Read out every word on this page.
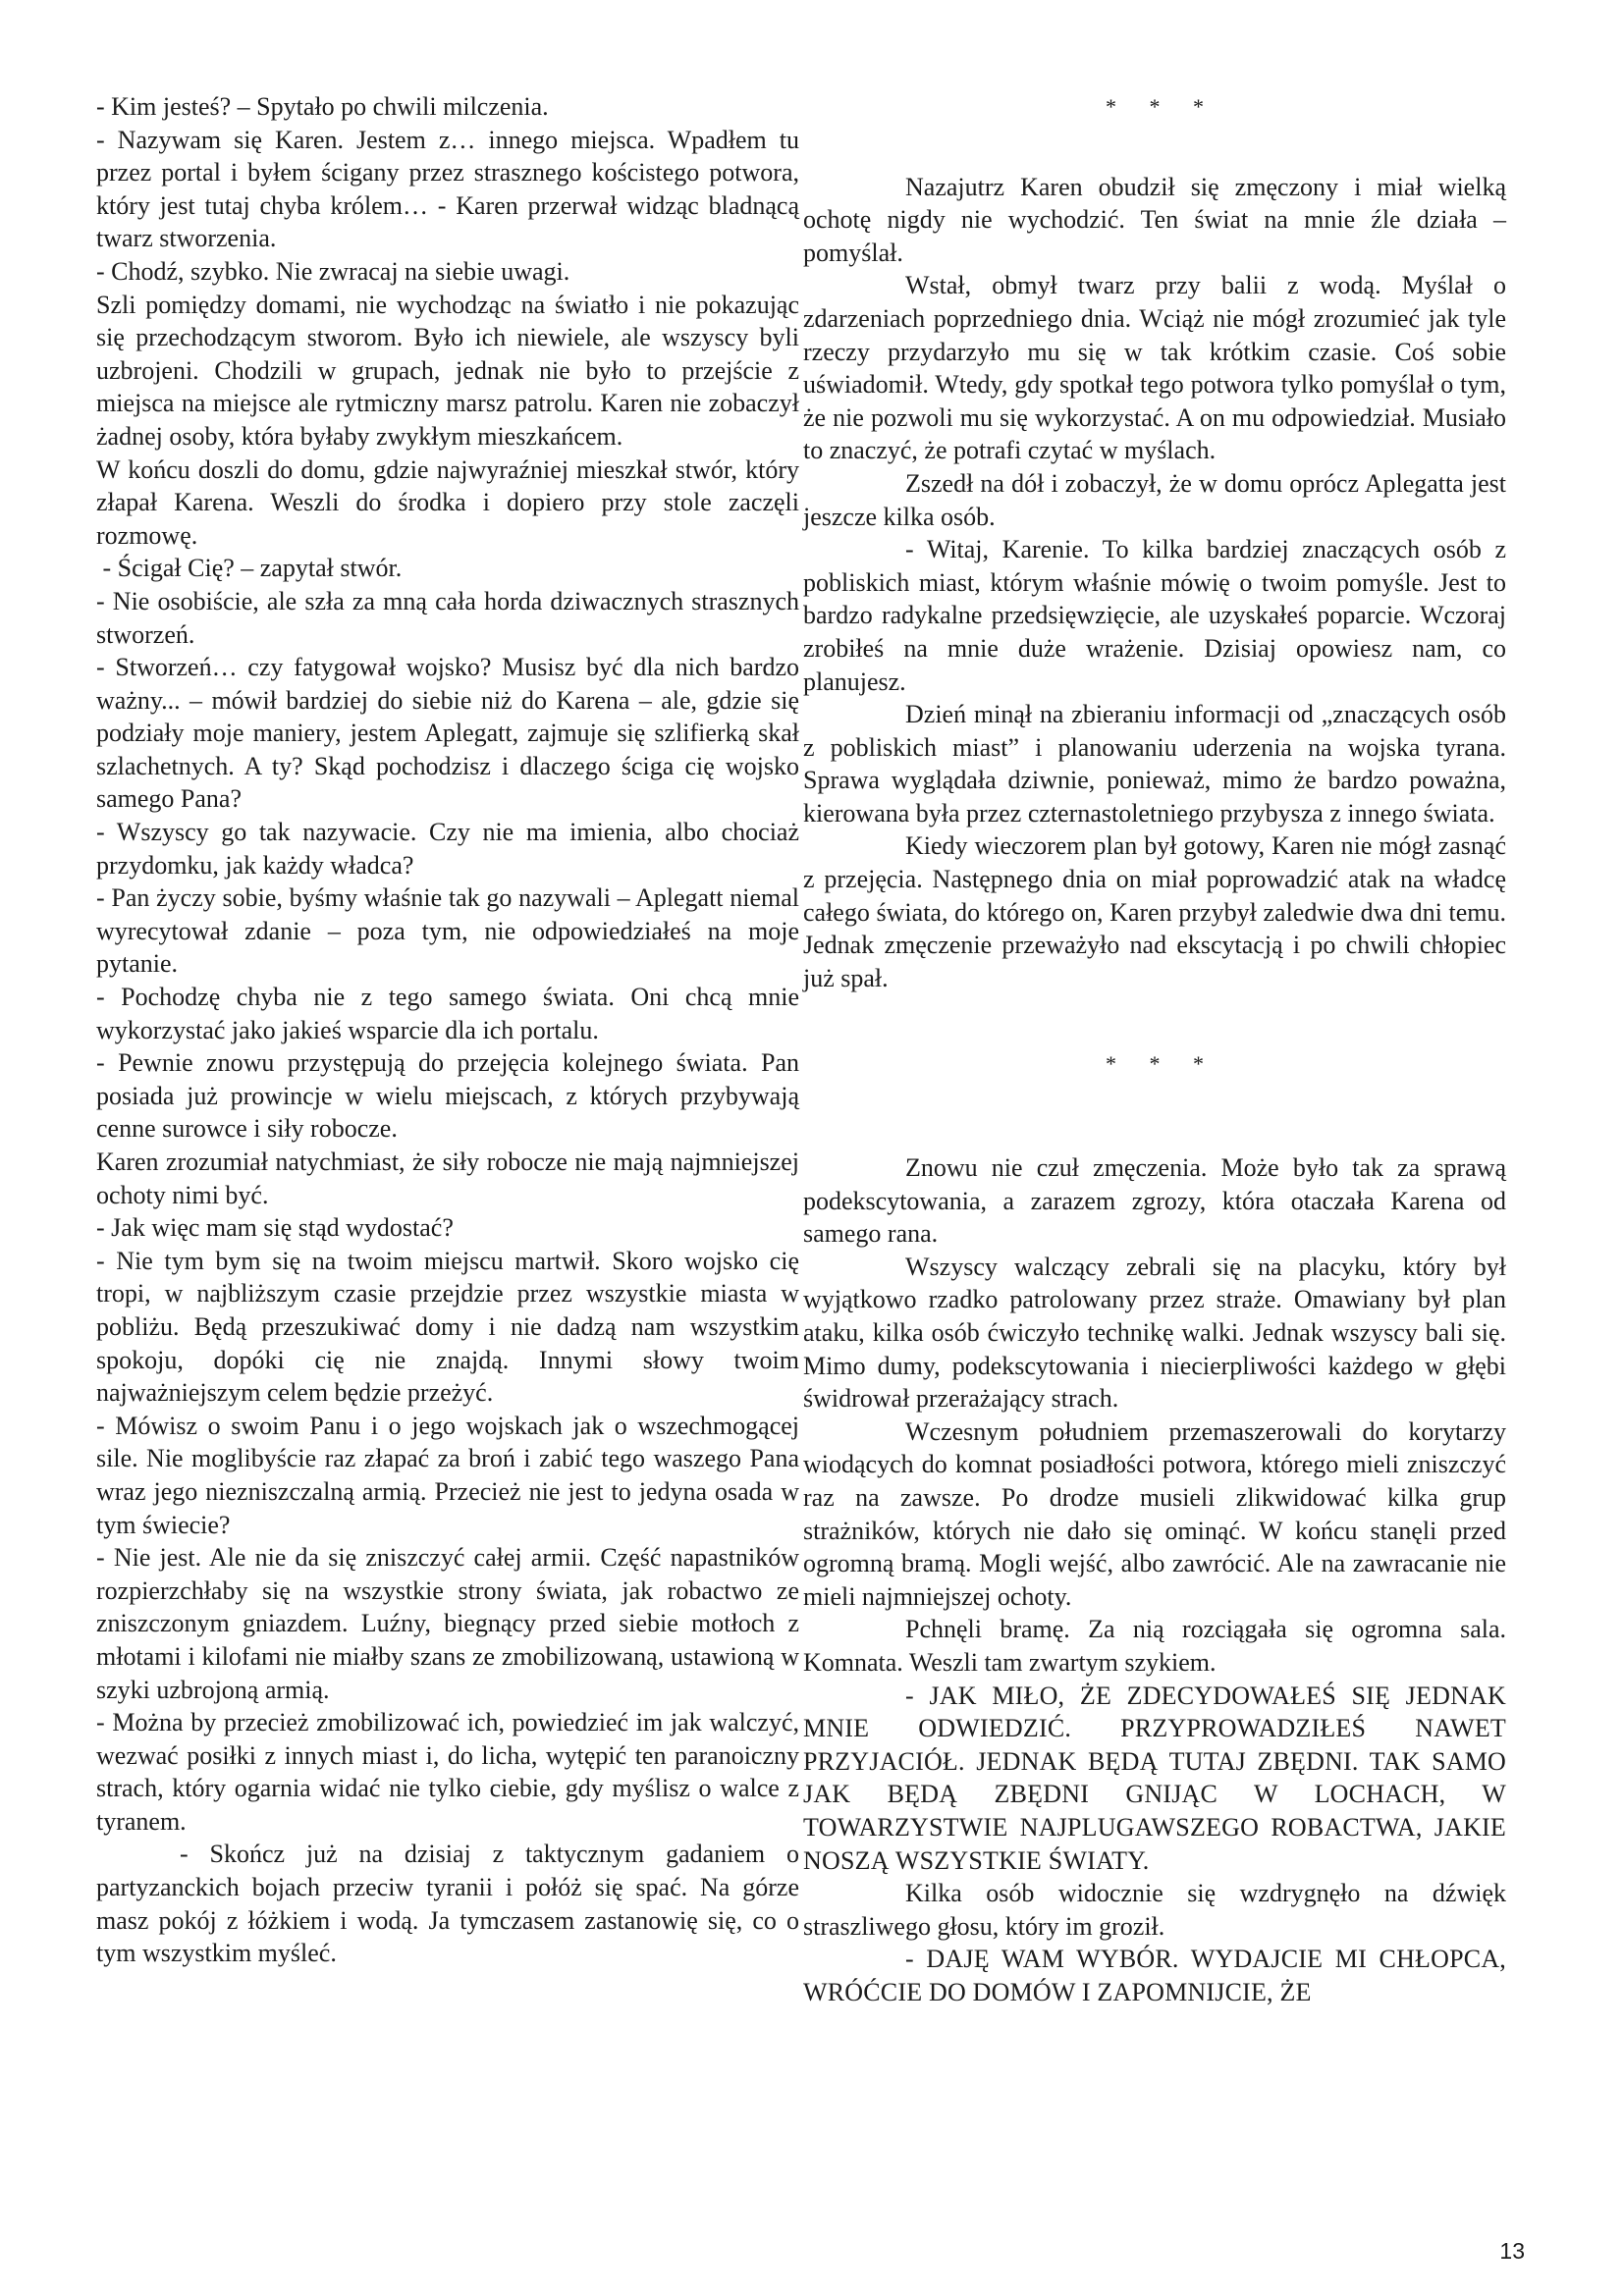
- Kim jesteś? – Spytało po chwili milczenia.

- Nazywam się Karen. Jestem z… innego miejsca. Wpadłem tu przez portal i byłem ścigany przez strasznego kościstego potwora, który jest tutaj chyba królem… - Karen przerwał widząc bladnącą twarz stworzenia.

- Chodź, szybko. Nie zwracaj na siebie uwagi.

Szli pomiędzy domami, nie wychodząc na światło i nie pokazując się przechodzącym stworom. Było ich niewiele, ale wszyscy byli uzbrojeni. Chodzili w grupach, jednak nie było to przejście z miejsca na miejsce ale rytmiczny marsz patrolu. Karen nie zobaczył żadnej osoby, która byłaby zwykłym mieszkańcem.

W końcu doszli do domu, gdzie najwyraźniej mieszkał stwór, który złapał Karena. Weszli do środka i dopiero przy stole zaczęli rozmowę.

- Ścigał Cię? – zapytał stwór.

- Nie osobiście, ale szła za mną cała horda dziwacznych strasznych stworzeń.

- Stworzeń… czy fatygował wojsko? Musisz być dla nich bardzo ważny... – mówił bardziej do siebie niż do Karena – ale, gdzie się podziały moje maniery, jestem Aplegatt, zajmuje się szlifierką skał szlachetnych. A ty? Skąd pochodzisz i dlaczego ściga cię wojsko samego Pana?

- Wszyscy go tak nazywacie. Czy nie ma imienia, albo chociaż przydomku, jak każdy władca?

- Pan życzy sobie, byśmy właśnie tak go nazywali – Aplegatt niemal wyrecytował zdanie – poza tym, nie odpowiedziałeś na moje pytanie.

- Pochodzę chyba nie z tego samego świata. Oni chcą mnie wykorzystać jako jakieś wsparcie dla ich portalu.

- Pewnie znowu przystępują do przejęcia kolejnego świata. Pan posiada już prowincje w wielu miejscach, z których przybywają cenne surowce i siły robocze.

Karen zrozumiał natychmiast, że siły robocze nie mają najmniejszej ochoty nimi być.

- Jak więc mam się stąd wydostać?

- Nie tym bym się na twoim miejscu martwił. Skoro wojsko cię tropi, w najbliższym czasie przejdzie przez wszystkie miasta w pobliżu. Będą przeszukiwać domy i nie dadzą nam wszystkim spokoju, dopóki cię nie znajdą. Innymi słowy twoim najważniejszym celem będzie przeżyć.

- Mówisz o swoim Panu i o jego wojskach jak o wszechmogącej sile. Nie moglibyście raz złapać za broń i zabić tego waszego Pana wraz jego niezniszczalną armią. Przecież nie jest to jedyna osada w tym świecie?

- Nie jest. Ale nie da się zniszczyć całej armii. Część napastników rozpierzchłaby się na wszystkie strony świata, jak robactwo ze zniszczonym gniazdem. Luźny, biegnący przed siebie motłoch z młotami i kilofami nie miałby szans ze zmobilizowaną, ustawioną w szyki uzbrojoną armią.

- Można by przecież zmobilizować ich, powiedzieć im jak walczyć, wezwać posiłki z innych miast i, do licha, wytępić ten paranoiczny strach, który ogarnia widać nie tylko ciebie, gdy myślisz o walce z tyranem.

- Skończ już na dzisiaj z taktycznym gadaniem o partyzanckich bojach przeciw tyranii i połóż się spać. Na górze masz pokój z łóżkiem i wodą. Ja tymczasem zastanowię się, co o tym wszystkim myśleć.

* * *

Nazajutrz Karen obudził się zmęczony i miał wielką ochotę nigdy nie wychodzić. Ten świat na mnie źle działa – pomyślał.

Wstał, obmył twarz przy balii z wodą. Myślał o zdarzeniach poprzedniego dnia. Wciąż nie mógł zrozumieć jak tyle rzeczy przydarzyło mu się w tak krótkim czasie. Coś sobie uświadomił. Wtedy, gdy spotkał tego potwora tylko pomyślał o tym, że nie pozwoli mu się wykorzystać. A on mu odpowiedział. Musiało to znaczyć, że potrafi czytać w myślach.

Zszedł na dół i zobaczył, że w domu oprócz Aplegatta jest jeszcze kilka osób.

- Witaj, Karenie. To kilka bardziej znaczących osób z pobliskich miast, którym właśnie mówię o twoim pomyśle. Jest to bardzo radykalne przedsięwzięcie, ale uzyskałeś poparcie. Wczoraj zrobiłeś na mnie duże wrażenie. Dzisiaj opowiesz nam, co planujesz.

Dzień minął na zbieraniu informacji od „znaczących osób z pobliskich miast” i planowaniu uderzenia na wojska tyrana. Sprawa wyglądała dziwnie, ponieważ, mimo że bardzo poważna, kierowana była przez czternastoletniego przybysza z innego świata.

Kiedy wieczorem plan był gotowy, Karen nie mógł zasnąć z przejęcia. Następnego dnia on miał poprowadzić atak na władcę całego świata, do którego on, Karen przybył zaledwie dwa dni temu. Jednak zmęczenie przeważyło nad ekscytacją i po chwili chłopiec już spał.

* * *

Znowu nie czuł zmęczenia. Może było tak za sprawą podekscytowania, a zarazem zgrozy, która otaczała Karena od samego rana.

Wszyscy walczący zebrali się na placyku, który był wyjątkowo rzadko patrolowany przez straże. Omawiany był plan ataku, kilka osób ćwiczyło technikę walki. Jednak wszyscy bali się. Mimo dumy, podekscytowania i niecierpliwości każdego w głębi świdrował przerażający strach.

Wczesnym południem przemaszerowali do korytarzy wiodących do komnat posiadłości potwora, którego mieli zniszczyć raz na zawsze. Po drodze musieli zlikwidować kilka grup strażników, których nie dało się ominąć. W końcu stanęli przed ogromną bramą. Mogli wejść, albo zawrócić. Ale na zawracanie nie mieli najmniejszej ochoty.

Pchnęli bramę. Za nią rozciągała się ogromna sala. Komnata. Weszli tam zwartym szykiem.

- JAK MIŁO, ŻE ZDECYDOWAŁEŚ SIĘ JEDNAK MNIE ODWIEDZIĆ. PRZYPROWADZIŁEŚ NAWET PRZYJACIÓŁ. JEDNAK BĘDĄ TUTAJ ZBĘDNI. TAK SAMO JAK BĘDĄ ZBĘDNI GNIJĄC W LOCHACH, W TOWARZYSTWIE NAJPLUGAWSZEGO ROBACTWA, JAKIE NOSZĄ WSZYSTKIE ŚWIATY.

Kilka osób widocznie się wzdrygnęło na dźwięk straszliwego głosu, który im groził.

- DAJĘ WAM WYBÓR. WYDAJCIE MI CHŁOPCA, WRÓĆCIE DO DOMÓW I ZAPOMNIJCIE, ŻE

13
